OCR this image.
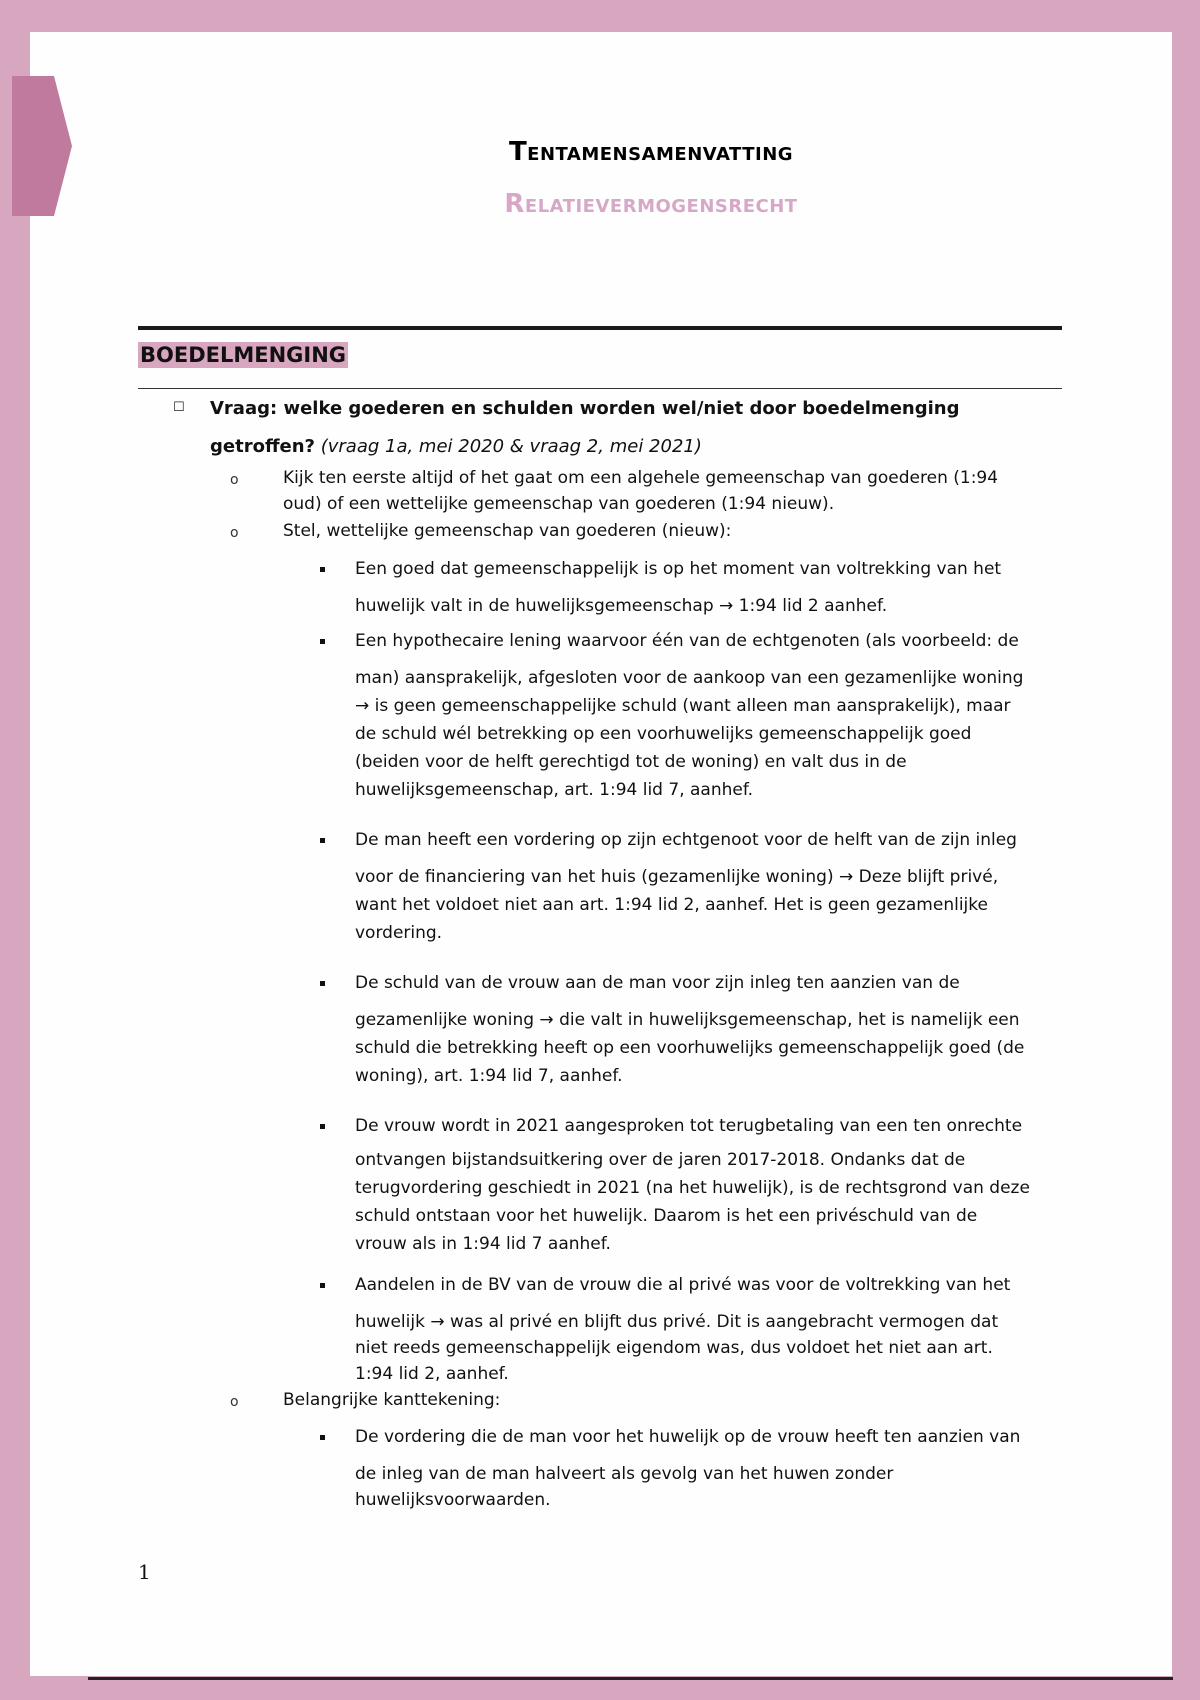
Tentamensamenvatting
Relatievermogensrecht
BOEDELMENGING
☐ Vraag: welke goederen en schulden worden wel/niet door boedelmenging
getroffen? (vraag 1a, mei 2020 & vraag 2, mei 2021)
o	Kijk ten eerste altijd of het gaat om een algehele gemeenschap van goederen (1:94
oud) of een wettelijke gemeenschap van goederen (1:94 nieuw).
o	Stel, wettelijke gemeenschap van goederen (nieuw):
Een goed dat gemeenschappelijk is op het moment van voltrekking van het
huwelijk valt in de huwelijksgemeenschap → 1:94 lid 2 aanhef.
Een hypothecaire lening waarvoor één van de echtgenoten (als voorbeeld: de
man) aansprakelijk, afgesloten voor de aankoop van een gezamenlijke woning
→ is geen gemeenschappelijke schuld (want alleen man aansprakelijk), maar
de schuld wél betrekking op een voorhuwelijks gemeenschappelijk goed
(beiden voor de helft gerechtigd tot de woning) en valt dus in de
huwelijksgemeenschap, art. 1:94 lid 7, aanhef.
De man heeft een vordering op zijn echtgenoot voor de helft van de zijn inleg
voor de financiering van het huis (gezamenlijke woning) → Deze blijft privé,
want het voldoet niet aan art. 1:94 lid 2, aanhef. Het is geen gezamenlijke
vordering.
De schuld van de vrouw aan de man voor zijn inleg ten aanzien van de
gezamenlijke woning → die valt in huwelijksgemeenschap, het is namelijk een
schuld die betrekking heeft op een voorhuwelijks gemeenschappelijk goed (de
woning), art. 1:94 lid 7, aanhef.
De vrouw wordt in 2021 aangesproken tot terugbetaling van een ten onrechte
ontvangen bijstandsuitkering over de jaren 2017-2018. Ondanks dat de
terugvordering geschiedt in 2021 (na het huwelijk), is de rechtsgrond van deze
schuld ontstaan voor het huwelijk. Daarom is het een privéschuld van de
vrouw als in 1:94 lid 7 aanhef.
Aandelen in de BV van de vrouw die al privé was voor de voltrekking van het
huwelijk → was al privé en blijft dus privé. Dit is aangebracht vermogen dat
niet reeds gemeenschappelijk eigendom was, dus voldoet het niet aan art.
1:94 lid 2, aanhef.
o	Belangrijke kanttekening:
De vordering die de man voor het huwelijk op de vrouw heeft ten aanzien van
de inleg van de man halveert als gevolg van het huwen zonder
huwelijksvoorwaarden.
1
